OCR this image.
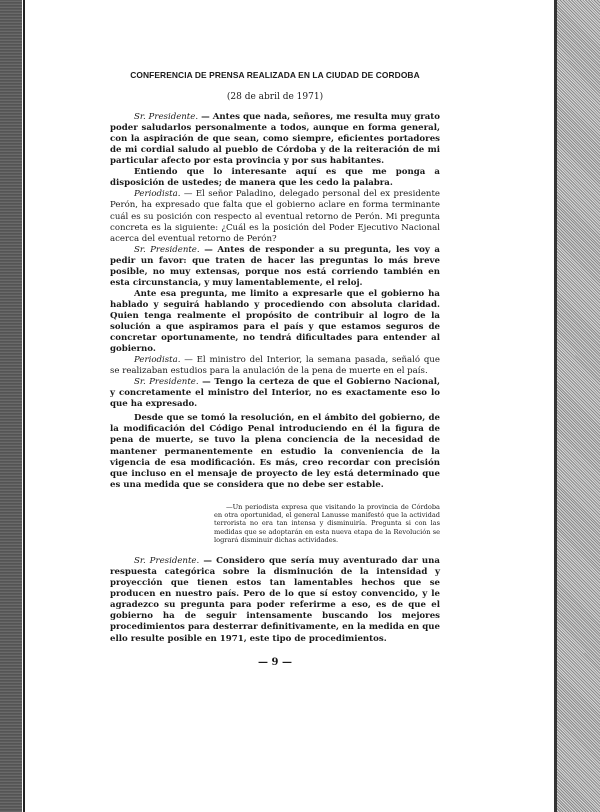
CONFERENCIA DE PRENSA REALIZADA EN LA CIUDAD DE CORDOBA
(28 de abril de 1971)

Sr. Presidente. — Antes que nada, señores, me resulta muy grato poder saludarlos personalmente a todos, aunque en forma general, con la aspiración de que sean, como siempre, eficientes portadores de mi cordial saludo al pueblo de Córdoba y de la reiteración de mi particular afecto por esta provincia y por sus habitantes.

Entiendo que lo interesante aquí es que me ponga a disposición de ustedes; de manera que les cedo la palabra.

Periodista. — El señor Paladino, delegado personal del ex presidente Perón, ha expresado que falta que el gobierno aclare en forma terminante cuál es su posición con respecto al eventual retorno de Perón. Mi pregunta concreta es la siguiente: ¿Cuál es la posición del Poder Ejecutivo Nacional acerca del eventual retorno de Perón?

Sr. Presidente. — Antes de responder a su pregunta, les voy a pedir un favor: que traten de hacer las preguntas lo más breve posible, no muy extensas, porque nos está corriendo también en esta circunstancia, y muy lamentablemente, el reloj.

Ante esa pregunta, me limito a expresarle que el gobierno ha hablado y seguirá hablando y procediendo con absoluta claridad. Quien tenga realmente el propósito de contribuir al logro de la solución a que aspiramos para el país y que estamos seguros de concretar oportunamente, no tendrá dificultades para entender al gobierno.

Periodista. — El ministro del Interior, la semana pasada, señaló que se realizaban estudios para la anulación de la pena de muerte en el país.

Sr. Presidente. — Tengo la certeza de que el Gobierno Nacional, y concretamente el ministro del Interior, no es exactamente eso lo que ha expresado.

Desde que se tomó la resolución, en el ámbito del gobierno, de la modificación del Código Penal introduciendo en él la figura de pena de muerte, se tuvo la plena conciencia de la necesidad de mantener permanentemente en estudio la conveniencia de la vigencia de esa modificación. Es más, creo recordar con precisión que incluso en el mensaje de proyecto de ley está determinado que es una medida que se considera que no debe ser estable.

—Un periodista expresa que visitando la provincia de Córdoba en otra oportunidad, el general Lanusse manifestó que la actividad terrorista no era tan intensa y disminuiría. Pregunta si con las medidas que se adoptarán en esta nueva etapa de la Revolución se logrará disminuir dichas actividades.

Sr. Presidente. — Considero que sería muy aventurado dar una respuesta categórica sobre la disminución de la intensidad y proyección que tienen estos tan lamentables hechos que se producen en nuestro país. Pero de lo que sí estoy convencido, y le agradezco su pregunta para poder referirme a eso, es de que el gobierno ha de seguir intensamente buscando los mejores procedimientos para desterrar definitivamente, en la medida en que ello resulte posible en 1971, este tipo de procedimientos.

— 9 —
